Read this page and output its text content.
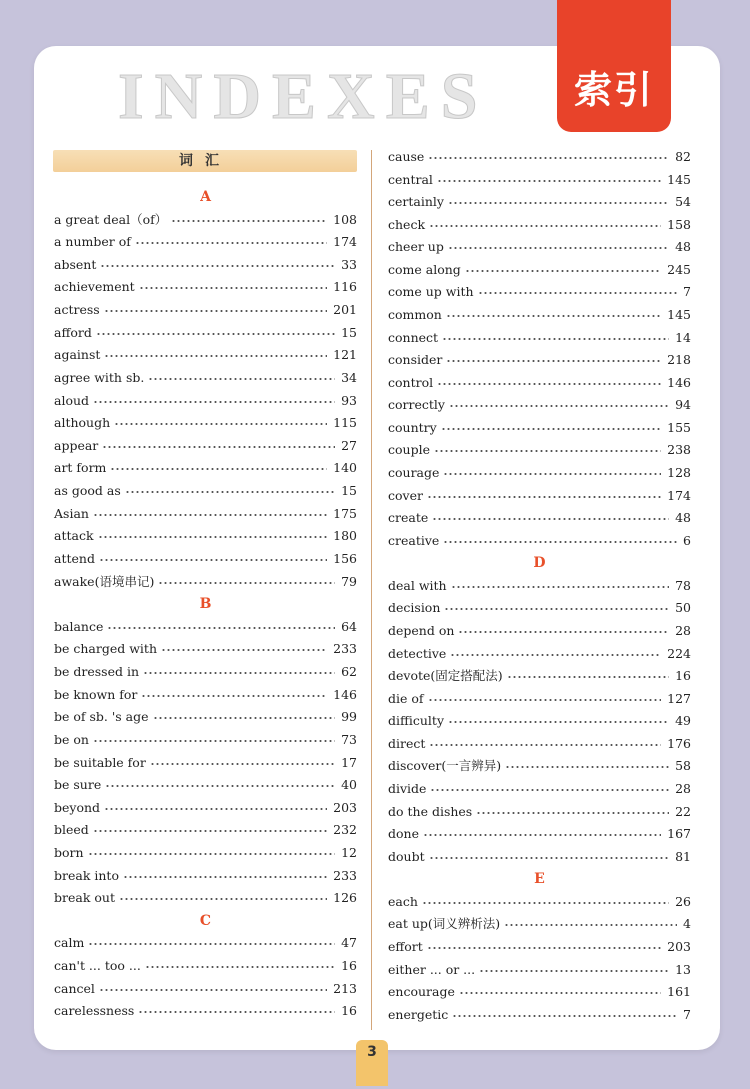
索引
INDEXES
词汇
A
a great deal（of）	108
a number of	174
absent	33
achievement	116
actress	201
afford	15
against	121
agree with sb.	34
aloud	93
although	115
appear	27
art form	140
as good as	15
Asian	175
attack	180
attend	156
awake(语境串记)	79
B
balance	64
be charged with	233
be dressed in	62
be known for	146
be of sb. 's age	99
be on	73
be suitable for	17
be sure	40
beyond	203
bleed	232
born	12
break into	233
break out	126
C
calm	47
can't ... too ...	16
cancel	213
carelessness	16
cause	82
central	145
certainly	54
check	158
cheer up	48
come along	245
come up with	7
common	145
connect	14
consider	218
control	146
correctly	94
country	155
couple	238
courage	128
cover	174
create	48
creative	6
D
deal with	78
decision	50
depend on	28
detective	224
devote(固定搭配法)	16
die of	127
difficulty	49
direct	176
discover(一言辨异)	58
divide	28
do the dishes	22
done	167
doubt	81
E
each	26
eat up(词义辨析法)	4
effort	203
either ... or ...	13
encourage	161
energetic	7
3
